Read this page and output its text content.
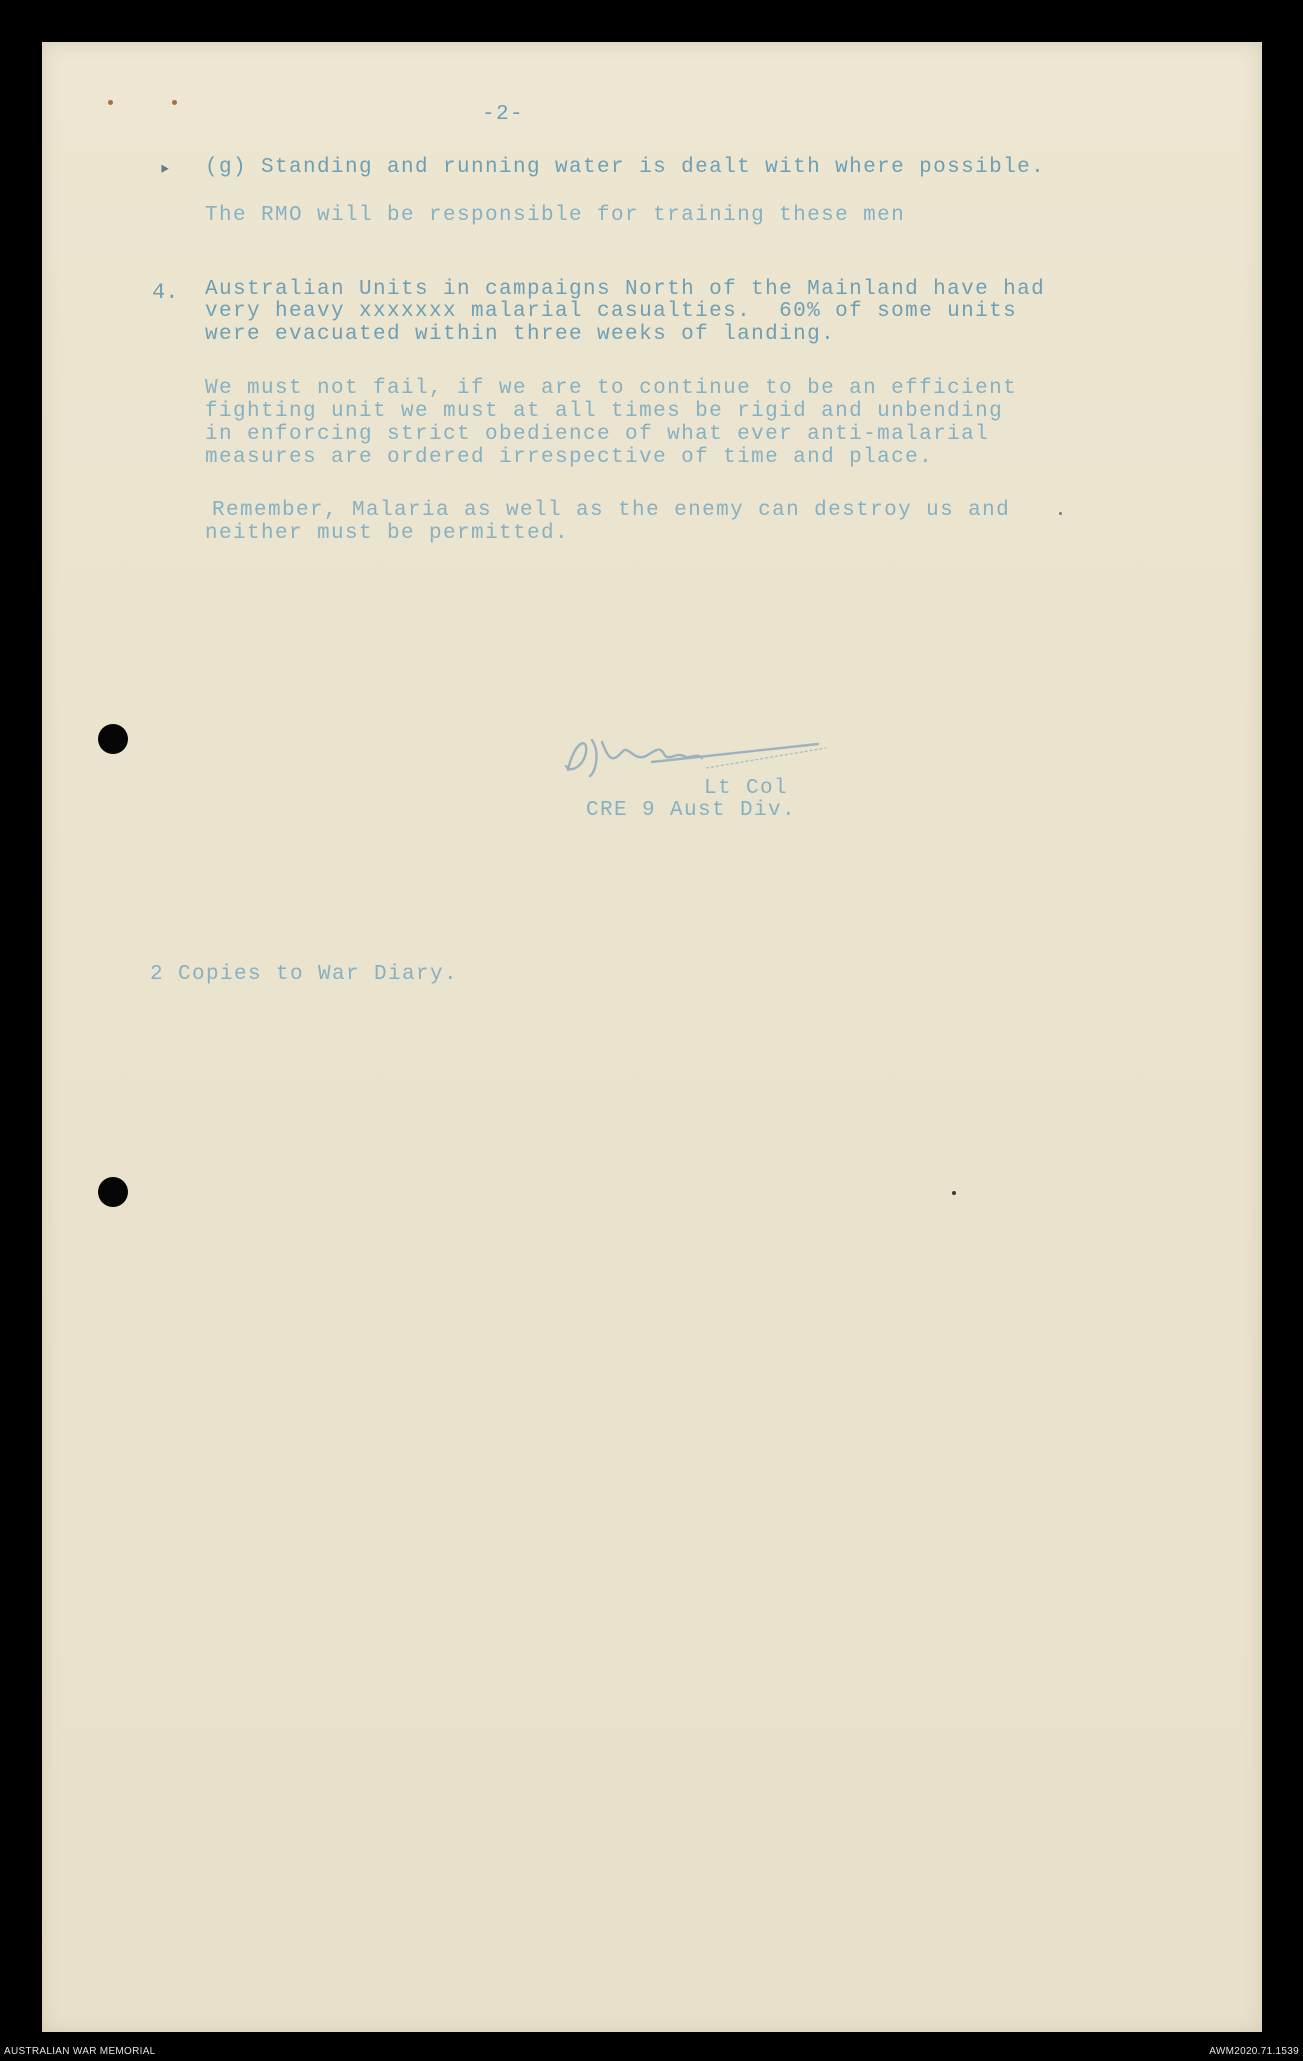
-2-
‣ (g) Standing and running water is dealt with where possible.
The RMO will be responsible for training these men
4. Australian Units in campaigns North of the Mainland have had
very heavy xxxxxxx malarial casualties.  60% of some units
were evacuated within three weeks of landing.
We must not fail, if we are to continue to be an efficient
fighting unit we must at all times be rigid and unbending
in enforcing strict obedience of what ever anti-malarial
measures are ordered irrespective of time and place.
Remember, Malaria as well as the enemy can destroy us and
neither must be permitted.
Lt Col
CRE 9 Aust Div.
2 Copies to War Diary.
AUSTRALIAN WAR MEMORIAL	AWM2020.71.1539
